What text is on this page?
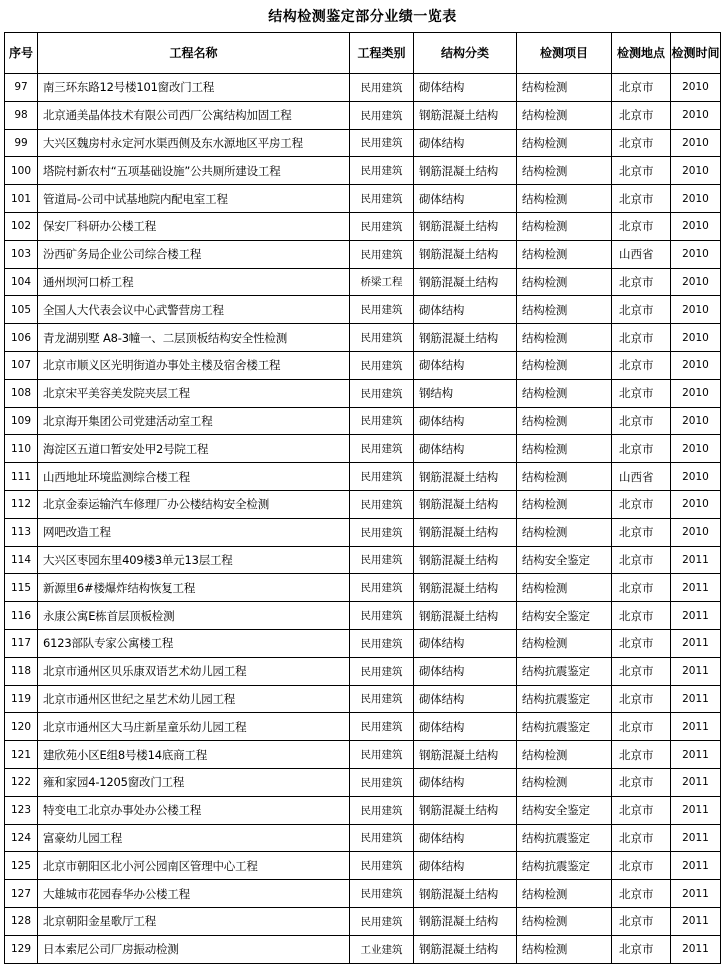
结构检测鉴定部分业绩一览表
序号	工程名称	工程类别	结构分类	检测项目	检测地点	检测时间
97	南三环东路12号楼101窗改门工程	民用建筑	砌体结构	结构检测	北京市	2010
98	北京通美晶体技术有限公司西厂公寓结构加固工程	民用建筑	钢筋混凝土结构	结构检测	北京市	2010
99	大兴区魏房村永定河水渠西侧及东水源地区平房工程	民用建筑	砌体结构	结构检测	北京市	2010
100	塔院村新农村“五项基础设施”公共厕所建设工程	民用建筑	钢筋混凝土结构	结构检测	北京市	2010
101	管道局-公司中试基地院内配电室工程	民用建筑	砌体结构	结构检测	北京市	2010
102	保安厂科研办公楼工程	民用建筑	钢筋混凝土结构	结构检测	北京市	2010
103	汾西矿务局企业公司综合楼工程	民用建筑	钢筋混凝土结构	结构检测	山西省	2010
104	通州坝河口桥工程	桥梁工程	钢筋混凝土结构	结构检测	北京市	2010
105	全国人大代表会议中心武警营房工程	民用建筑	砌体结构	结构检测	北京市	2010
106	青龙湖别墅 A8-3幢一、二层顶板结构安全性检测	民用建筑	钢筋混凝土结构	结构检测	北京市	2010
107	北京市顺义区光明街道办事处主楼及宿舍楼工程	民用建筑	砌体结构	结构检测	北京市	2010
108	北京宋平美容美发院夹层工程	民用建筑	钢结构	结构检测	北京市	2010
109	北京海开集团公司党建活动室工程	民用建筑	砌体结构	结构检测	北京市	2010
110	海淀区五道口暂安处甲2号院工程	民用建筑	砌体结构	结构检测	北京市	2010
111	山西地址环境监测综合楼工程	民用建筑	钢筋混凝土结构	结构检测	山西省	2010
112	北京金泰运输汽车修理厂办公楼结构安全检测	民用建筑	钢筋混凝土结构	结构检测	北京市	2010
113	网吧改造工程	民用建筑	钢筋混凝土结构	结构检测	北京市	2010
114	大兴区枣园东里409楼3单元13层工程	民用建筑	钢筋混凝土结构	结构安全鉴定	北京市	2011
115	新源里6#楼爆炸结构恢复工程	民用建筑	钢筋混凝土结构	结构检测	北京市	2011
116	永康公寓E栋首层顶板检测	民用建筑	钢筋混凝土结构	结构安全鉴定	北京市	2011
117	6123部队专家公寓楼工程	民用建筑	砌体结构	结构检测	北京市	2011
118	北京市通州区贝乐康双语艺术幼儿园工程	民用建筑	砌体结构	结构抗震鉴定	北京市	2011
119	北京市通州区世纪之星艺术幼儿园工程	民用建筑	砌体结构	结构抗震鉴定	北京市	2011
120	北京市通州区大马庄新星童乐幼儿园工程	民用建筑	砌体结构	结构抗震鉴定	北京市	2011
121	建欣苑小区E组8号楼14底商工程	民用建筑	钢筋混凝土结构	结构检测	北京市	2011
122	雍和家园4-1205窗改门工程	民用建筑	砌体结构	结构检测	北京市	2011
123	特变电工北京办事处办公楼工程	民用建筑	钢筋混凝土结构	结构安全鉴定	北京市	2011
124	富豪幼儿园工程	民用建筑	砌体结构	结构抗震鉴定	北京市	2011
125	北京市朝阳区北小河公园南区管理中心工程	民用建筑	砌体结构	结构抗震鉴定	北京市	2011
127	大雄城市花园春华办公楼工程	民用建筑	钢筋混凝土结构	结构检测	北京市	2011
128	北京朝阳金星歌厅工程	民用建筑	钢筋混凝土结构	结构检测	北京市	2011
129	日本索尼公司厂房振动检测	工业建筑	钢筋混凝土结构	结构检测	北京市	2011
